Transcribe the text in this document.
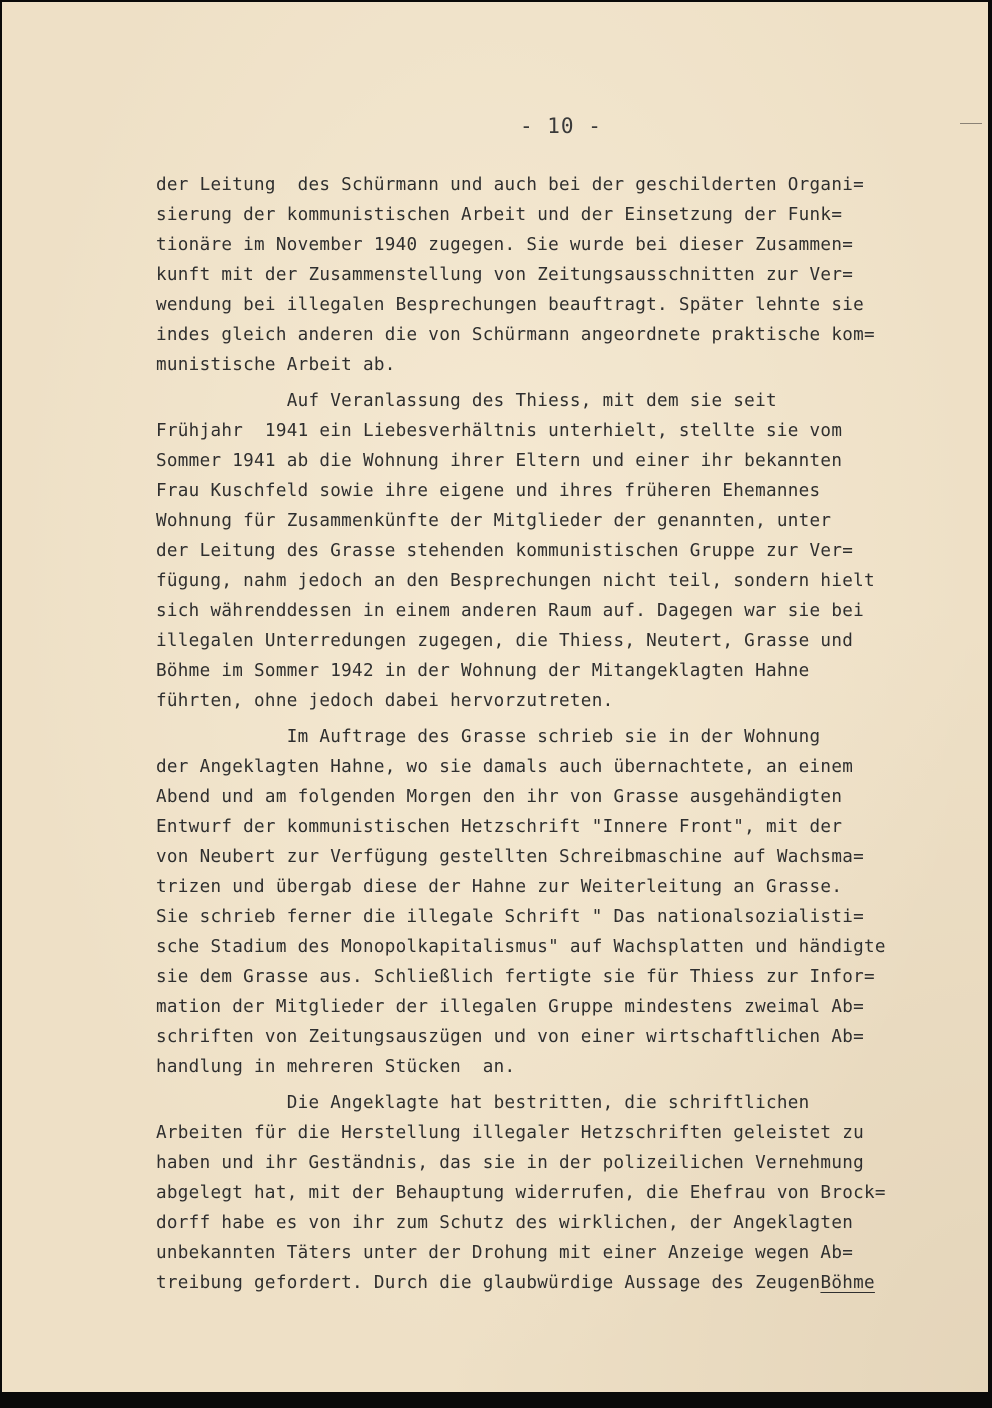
- 10 -
der Leitung  des Schürmann und auch bei der geschilderten Organi=
sierung der kommunistischen Arbeit und der Einsetzung der Funk=
tionäre im November 1940 zugegen. Sie wurde bei dieser Zusammen=
kunft mit der Zusammenstellung von Zeitungsausschnitten zur Ver=
wendung bei illegalen Besprechungen beauftragt. Später lehnte sie
indes gleich anderen die von Schürmann angeordnete praktische kom=
munistische Arbeit ab.
Auf Veranlassung des Thiess, mit dem sie seit
Frühjahr  1941 ein Liebesverhältnis unterhielt, stellte sie vom
Sommer 1941 ab die Wohnung ihrer Eltern und einer ihr bekannten
Frau Kuschfeld sowie ihre eigene und ihres früheren Ehemannes
Wohnung für Zusammenkünfte der Mitglieder der genannten, unter
der Leitung des Grasse stehenden kommunistischen Gruppe zur Ver=
fügung, nahm jedoch an den Besprechungen nicht teil, sondern hielt
sich währenddessen in einem anderen Raum auf. Dagegen war sie bei
illegalen Unterredungen zugegen, die Thiess, Neutert, Grasse und
Böhme im Sommer 1942 in der Wohnung der Mitangeklagten Hahne
führten, ohne jedoch dabei hervorzutreten.
Im Auftrage des Grasse schrieb sie in der Wohnung
der Angeklagten Hahne, wo sie damals auch übernachtete, an einem
Abend und am folgenden Morgen den ihr von Grasse ausgehändigten
Entwurf der kommunistischen Hetzschrift "Innere Front", mit der
von Neubert zur Verfügung gestellten Schreibmaschine auf Wachsma=
trizen und übergab diese der Hahne zur Weiterleitung an Grasse.
Sie schrieb ferner die illegale Schrift " Das nationalsozialisti=
sche Stadium des Monopolkapitalismus" auf Wachsplatten und händigte
sie dem Grasse aus. Schließlich fertigte sie für Thiess zur Infor=
mation der Mitglieder der illegalen Gruppe mindestens zweimal Ab=
schriften von Zeitungsauszügen und von einer wirtschaftlichen Ab=
handlung in mehreren Stücken  an.
Die Angeklagte hat bestritten, die schriftlichen
Arbeiten für die Herstellung illegaler Hetzschriften geleistet zu
haben und ihr Geständnis, das sie in der polizeilichen Vernehmung
abgelegt hat, mit der Behauptung widerrufen, die Ehefrau von Brock=
dorff habe es von ihr zum Schutz des wirklichen, der Angeklagten
unbekannten Täters unter der Drohung mit einer Anzeige wegen Ab=
treibung gefordert. Durch die glaubwürdige Aussage des ZeugenBöhme
